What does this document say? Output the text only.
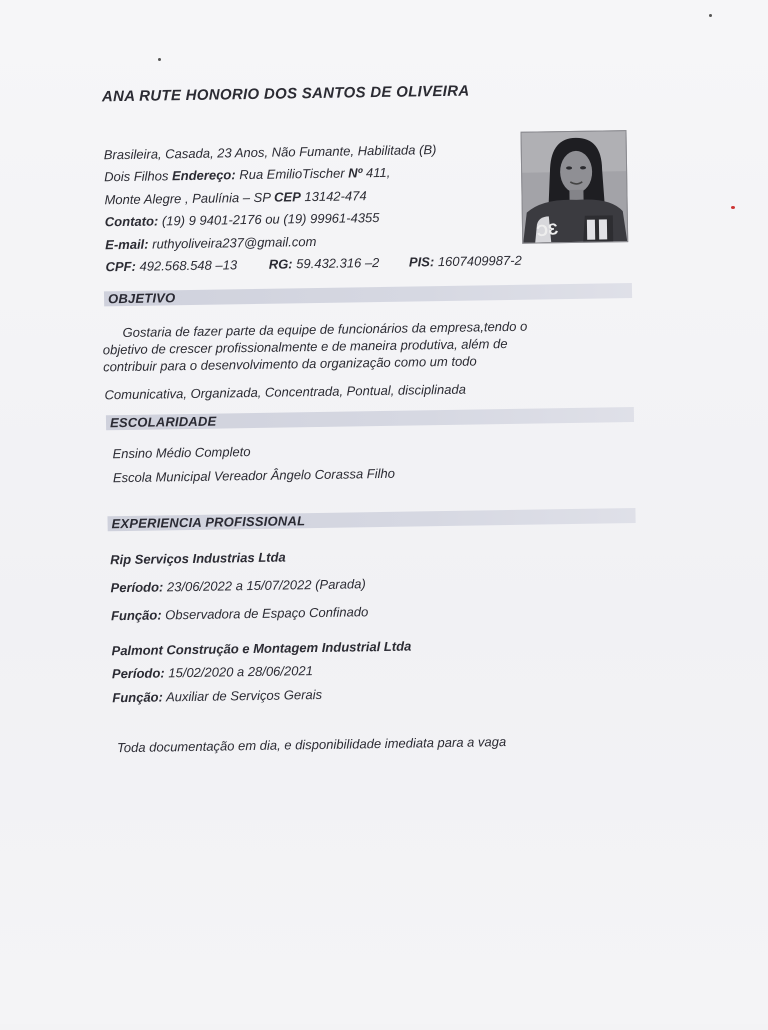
ANA RUTE HONORIO DOS SANTOS DE OLIVEIRA
Brasileira, Casada, 23 Anos, Não Fumante, Habilitada (B)
Dois Filhos Endereço: Rua EmilioTischer Nº 411,
Monte Alegre , Paulínia – SP CEP 13142-474
Contato: (19) 9 9401-2176 ou (19) 99961-4355
E-mail: ruthyoliveira237@gmail.com
CPF: 492.568.548 –13 RG: 59.432.316 –2 PIS: 1607409987-2
ϽƐ
OBJETIVO
Gostaria de fazer parte da equipe de funcionários da empresa,tendo o
objetivo de crescer profissionalmente e de maneira produtiva, além de
contribuir para o desenvolvimento da organização como um todo
Comunicativa, Organizada, Concentrada, Pontual, disciplinada
ESCOLARIDADE
Ensino Médio Completo
Escola Municipal Vereador Ângelo Corassa Filho
EXPERIENCIA PROFISSIONAL
Rip Serviços Industrias Ltda
Período: 23/06/2022 a 15/07/2022 (Parada)
Função: Observadora de Espaço Confinado
Palmont Construção e Montagem Industrial Ltda
Período: 15/02/2020 a 28/06/2021
Função: Auxiliar de Serviços Gerais
Toda documentação em dia, e disponibilidade imediata para a vaga
